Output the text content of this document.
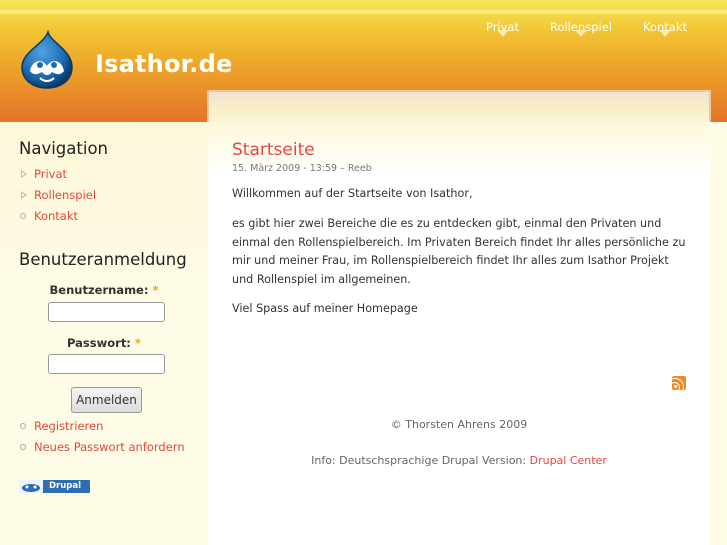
Isathor.de
Privat	Rollenspiel	Kontakt
Navigation
Privat
Rollenspiel
Kontakt
Benutzeranmeldung
Benutzername: *
Passwort: *
Anmelden
Registrieren
Neues Passwort anfordern
Drupal
Startseite
15. März 2009 - 13:59 – Reeb

Willkommen auf der Startseite von Isathor,

es gibt hier zwei Bereiche die es zu entdecken gibt, einmal den Privaten und einmal den Rollenspielbereich. Im Privaten Bereich findet Ihr alles persönliche zu mir und meiner Frau, im Rollenspielbereich findet Ihr alles zum Isathor Projekt und Rollenspiel im allgemeinen.

Viel Spass auf meiner Homepage

© Thorsten Ahrens 2009
Info: Deutschsprachige Drupal Version: Drupal Center
